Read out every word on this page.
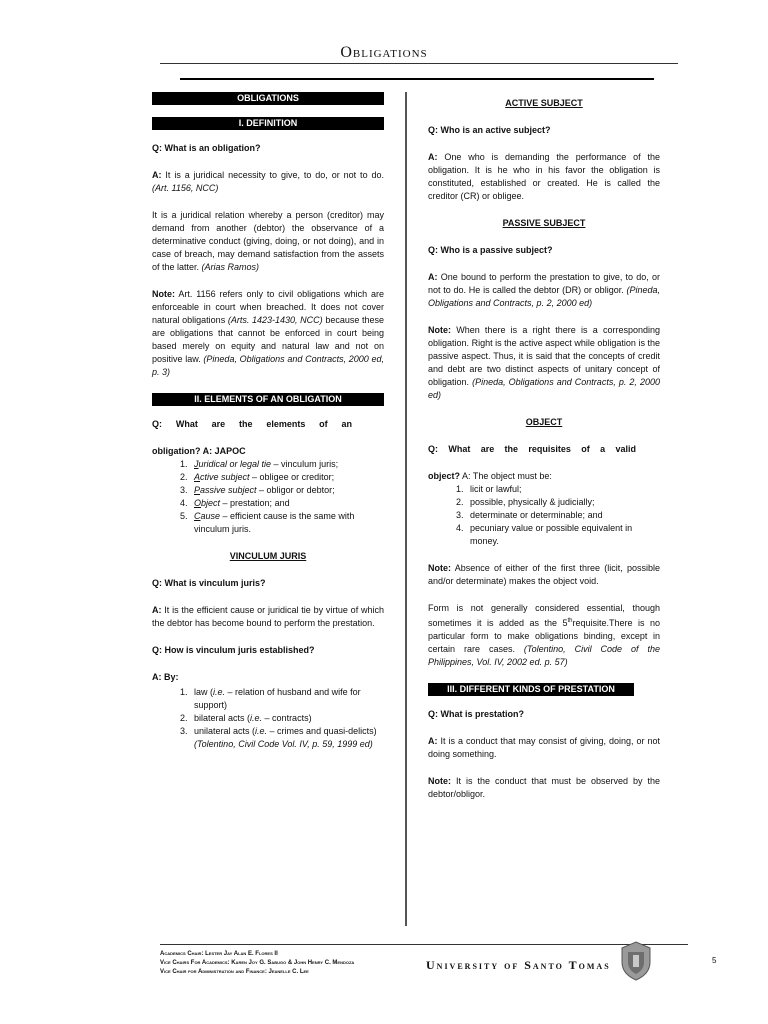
Obligations
OBLIGATIONS
I. DEFINITION

Q: What is an obligation?

A: It is a juridical necessity to give, to do, or not to do. (Art. 1156, NCC)

It is a juridical relation whereby a person (creditor) may demand from another (debtor) the observance of a determinative conduct (giving, doing, or not doing), and in case of breach, may demand satisfaction from the assets of the latter. (Arias Ramos)

Note: Art. 1156 refers only to civil obligations which are enforceable in court when breached. It does not cover natural obligations (Arts. 1423-1430, NCC) because these are obligations that cannot be enforced in court being based merely on equity and natural law and not on positive law. (Pineda, Obligations and Contracts, 2000 ed, p. 3)

II. ELEMENTS OF AN OBLIGATION

Q: What are the elements of an

obligation? A: JAPOC
1. Juridical or legal tie – vinculum juris;
2. Active subject – obligee or creditor;
3. Passive subject – obligor or debtor;
4. Object – prestation; and
5. Cause – efficient cause is the same with vinculum juris.
VINCULUM JURIS

Q: What is vinculum juris?

A: It is the efficient cause or juridical tie by virtue of which the debtor has become bound to perform the prestation.

Q: How is vinculum juris established?

A: By:
1. law (i.e. – relation of husband and wife for support)
2. bilateral acts (i.e. – contracts)
3. unilateral acts (i.e. – crimes and quasi-delicts)(Tolentino, Civil Code Vol. IV, p. 59, 1999 ed)
ACTIVE SUBJECT

Q: Who is an active subject?

A: One who is demanding the performance of the obligation. It is he who in his favor the obligation is constituted, established or created. He is called the creditor (CR) or obligee.

PASSIVE SUBJECT

Q: Who is a passive subject?

A: One bound to perform the prestation to give, to do, or not to do. He is called the debtor (DR) or obligor. (Pineda, Obligations and Contracts, p. 2, 2000 ed)

Note: When there is a right there is a corresponding obligation. Right is the active aspect while obligation is the passive aspect. Thus, it is said that the concepts of credit and debt are two distinct aspects of unitary concept of obligation. (Pineda, Obligations and Contracts, p. 2, 2000 ed)

OBJECT

Q: What are the requisites of a valid

object? A: The object must be:
1. licit or lawful;
2. possible, physically & judicially;
3. determinate or determinable; and
4. pecuniary value or possible equivalent in money.

Note: Absence of either of the first three (licit, possible and/or determinate) makes the object void.

Form is not generally considered essential, though sometimes it is added as the 5threquisite.There is no particular form to make obligations binding, except in certain rare cases. (Tolentino, Civil Code of the Philippines, Vol. IV, 2002 ed. p. 57)

III. DIFFERENT KINDS OF PRESTATION

Q: What is prestation?

A: It is a conduct that may consist of giving, doing, or not doing something.

Note: It is the conduct that must be observed by the debtor/obligor.

Academics Chair: Lester Jay Alan E. Flores II
Vice Chairs For Academics: Karen Joy G. Sabugo & John Henry C. Mendoza
Vice Chair for Administration and Finance: Jeanelle C. Lee	University of Santo Tomas	5
